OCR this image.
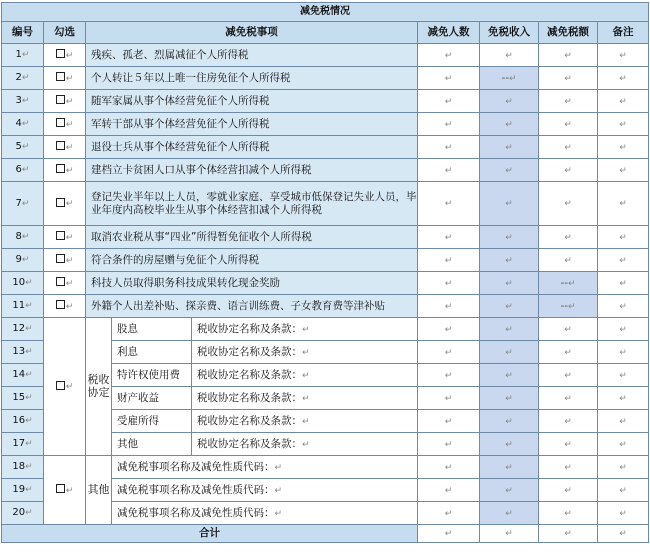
减免税情况								
编号	勾选	减免税事项			减免人数	免税收入	减免税额	备注
1↵	↵	残疾、孤老、烈属减征个人所得税			↵	↵	↵	↵
2↵	↵	个人转让５年以上唯一住房免征个人所得税			↵	--↵	↵	↵
3↵	↵	随军家属从事个体经营免征个人所得税			↵	↵	↵	↵
4↵	↵	军转干部从事个体经营免征个人所得税			↵	↵	↵	↵
5↵	↵	退役士兵从事个体经营免征个人所得税			↵	↵	↵	↵
6↵	↵	建档立卡贫困人口从事个体经营扣减个人所得税			↵	↵	↵	↵
7↵	↵	登记失业半年以上人员，零就业家庭、享受城市低保登记失业人员，毕业年度内高校毕业生从事个体经营扣减个人所得税			↵	↵	↵	↵
8↵	↵	取消农业税从事“四业”所得暂免征收个人所得税			↵	↵	↵	↵
9↵	↵	符合条件的房屋赠与免征个人所得税			↵	↵	↵	↵
10↵	↵	科技人员取得职务科技成果转化现金奖励			↵	↵	--↵	↵
11↵	↵	外籍个人出差补贴、探亲费、语言训练费、子女教育费等津补贴			↵	↵	--↵	↵
12↵	↵	税收协定	股息	税收协定名称及条款：↵	↵	↵	↵	↵
13↵			利息	税收协定名称及条款：↵	↵	↵	↵	↵
14↵			特许权使用费	税收协定名称及条款：↵	↵	↵	↵	↵
15↵			财产收益	税收协定名称及条款：↵	↵	↵	↵	↵
16↵			受雇所得	税收协定名称及条款：↵	↵	↵	↵	↵
17↵			其他	税收协定名称及条款：↵	↵	↵	↵	↵
18↵	↵	其他	减免税事项名称及减免性质代码：↵		↵	↵	↵	↵
19↵			减免税事项名称及减免性质代码：↵		↵	↵	↵	↵
20↵			减免税事项名称及减免性质代码：↵		↵	↵	↵	↵
合计					↵	↵	↵	↵
